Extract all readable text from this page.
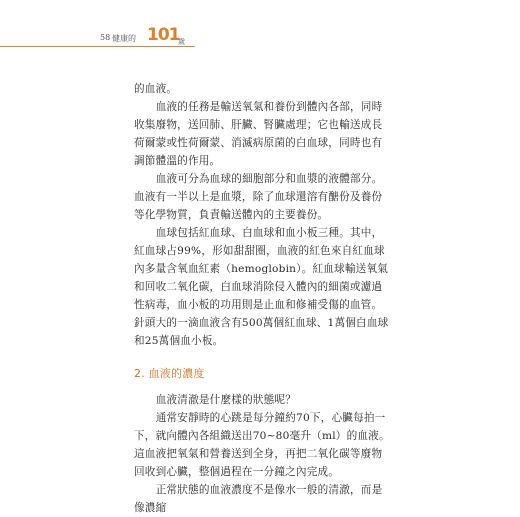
58 健康的 101
歲

的血液。

血液的任務是輸送氧氣和養份到體內各部，同時收集廢物，送回肺、肝臟、腎臟處理；它也輸送成長荷爾蒙或性荷爾蒙、消滅病原菌的白血球，同時也有調節體溫的作用。

血液可分為血球的細胞部分和血漿的液體部分。血液有一半以上是血漿，除了血球還溶有醣份及養份等化學物質，負責輸送體內的主要養份。

血球包括紅血球、白血球和血小板三種。其中，紅血球占99%，形如甜甜圈，血液的紅色來自紅血球內多量含氧血紅素（hemoglobin）。紅血球輸送氧氣和回收二氧化碳，白血球消除侵入體內的細菌或濾過性病毒，血小板的功用則是止血和修補受傷的血管。針頭大的一滴血液含有500萬個紅血球、1萬個白血球和25萬個血小板。

2. 血液的濃度

血液清澈是什麼樣的狀態呢？

通常安靜時的心跳是每分鐘約70下，心臟每拍一下，就向體內各組織送出70~80毫升（ml）的血液。這血液把氧氣和營養送到全身，再把二氧化碳等廢物回收到心臟，整個過程在一分鐘之內完成。

正常狀態的血液濃度不是像水一般的清澈，而是像濃縮
